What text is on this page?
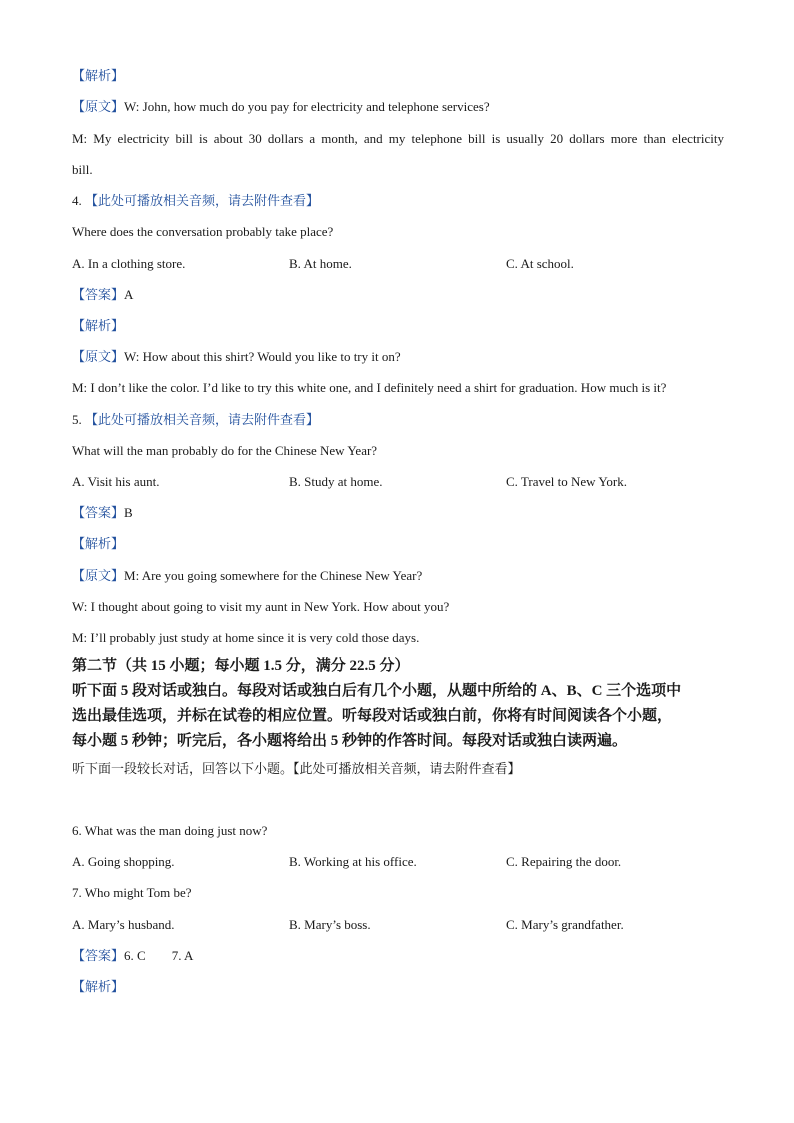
【解析】
【原文】W: John, how much do you pay for electricity and telephone services?
M: My electricity bill is about 30 dollars a month, and my telephone bill is usually 20 dollars more than electricity
bill.
4. 【此处可播放相关音频，请去附件查看】
Where does the conversation probably take place?
A. In a clothing store.	B. At home.	C. At school.
【答案】A
【解析】
【原文】W: How about this shirt? Would you like to try it on?
M: I don’t like the color. I’d like to try this white one, and I definitely need a shirt for graduation. How much is it?
5. 【此处可播放相关音频，请去附件查看】
What will the man probably do for the Chinese New Year?
A. Visit his aunt.	B. Study at home.	C. Travel to New York.
【答案】B
【解析】
【原文】M: Are you going somewhere for the Chinese New Year?
W: I thought about going to visit my aunt in New York. How about you?
M: I’ll probably just study at home since it is very cold those days.
第二节（共 15 小题；每小题 1.5 分，满分 22.5 分）
听下面 5 段对话或独白。每段对话或独白后有几个小题，从题中所给的 A、B、C 三个选项中
选出最佳选项，并标在试卷的相应位置。听每段对话或独白前，你将有时间阅读各个小题，
每小题 5 秒钟；听完后，各小题将给出 5 秒钟的作答时间。每段对话或独白读两遍。
听下面一段较长对话，回答以下小题。【此处可播放相关音频，请去附件查看】
6. What was the man doing just now?
A. Going shopping.	B. Working at his office.	C. Repairing the door.
7. Who might Tom be?
A. Mary’s husband.	B. Mary’s boss.	C. Mary’s grandfather.
【答案】6. C 7. A
【解析】
